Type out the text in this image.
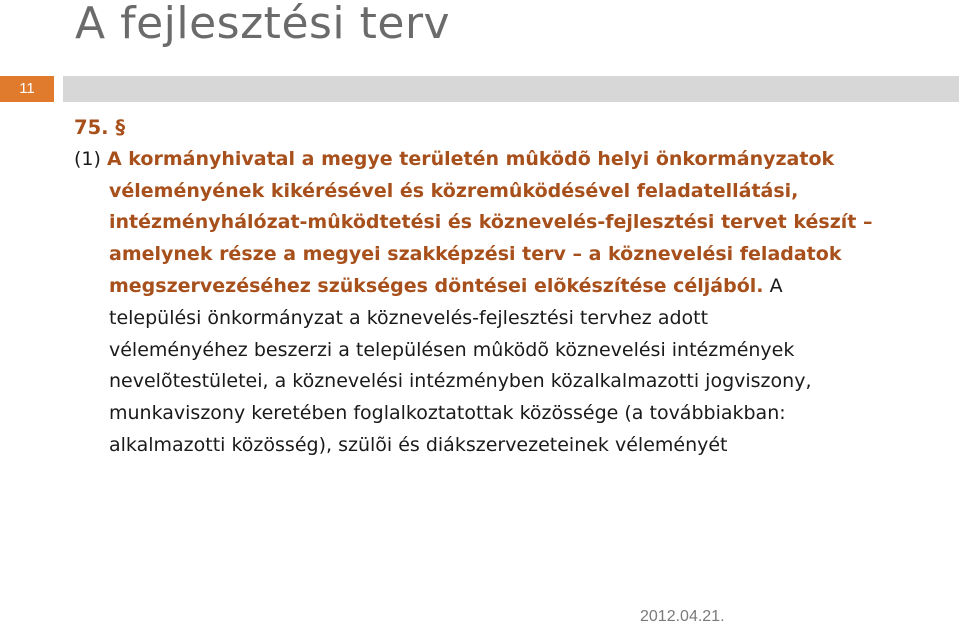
A fejlesztési terv
11
75. §
(1) A kormányhivatal a megye területén mûködõ helyi önkormányzatok
véleményének kikérésével és közremûködésével feladatellátási,
intézményhálózat-mûködtetési és köznevelés-fejlesztési tervet készít –
amelynek része a megyei szakképzési terv – a köznevelési feladatok
megszervezéséhez szükséges döntései elõkészítése céljából. A
települési önkormányzat a köznevelés-fejlesztési tervhez adott
véleményéhez beszerzi a településen mûködõ köznevelési intézmények
nevelõtestületei, a köznevelési intézményben közalkalmazotti jogviszony,
munkaviszony keretében foglalkoztatottak közössége (a továbbiakban:
alkalmazotti közösség), szülõi és diákszervezeteinek véleményét
2012.04.21.
